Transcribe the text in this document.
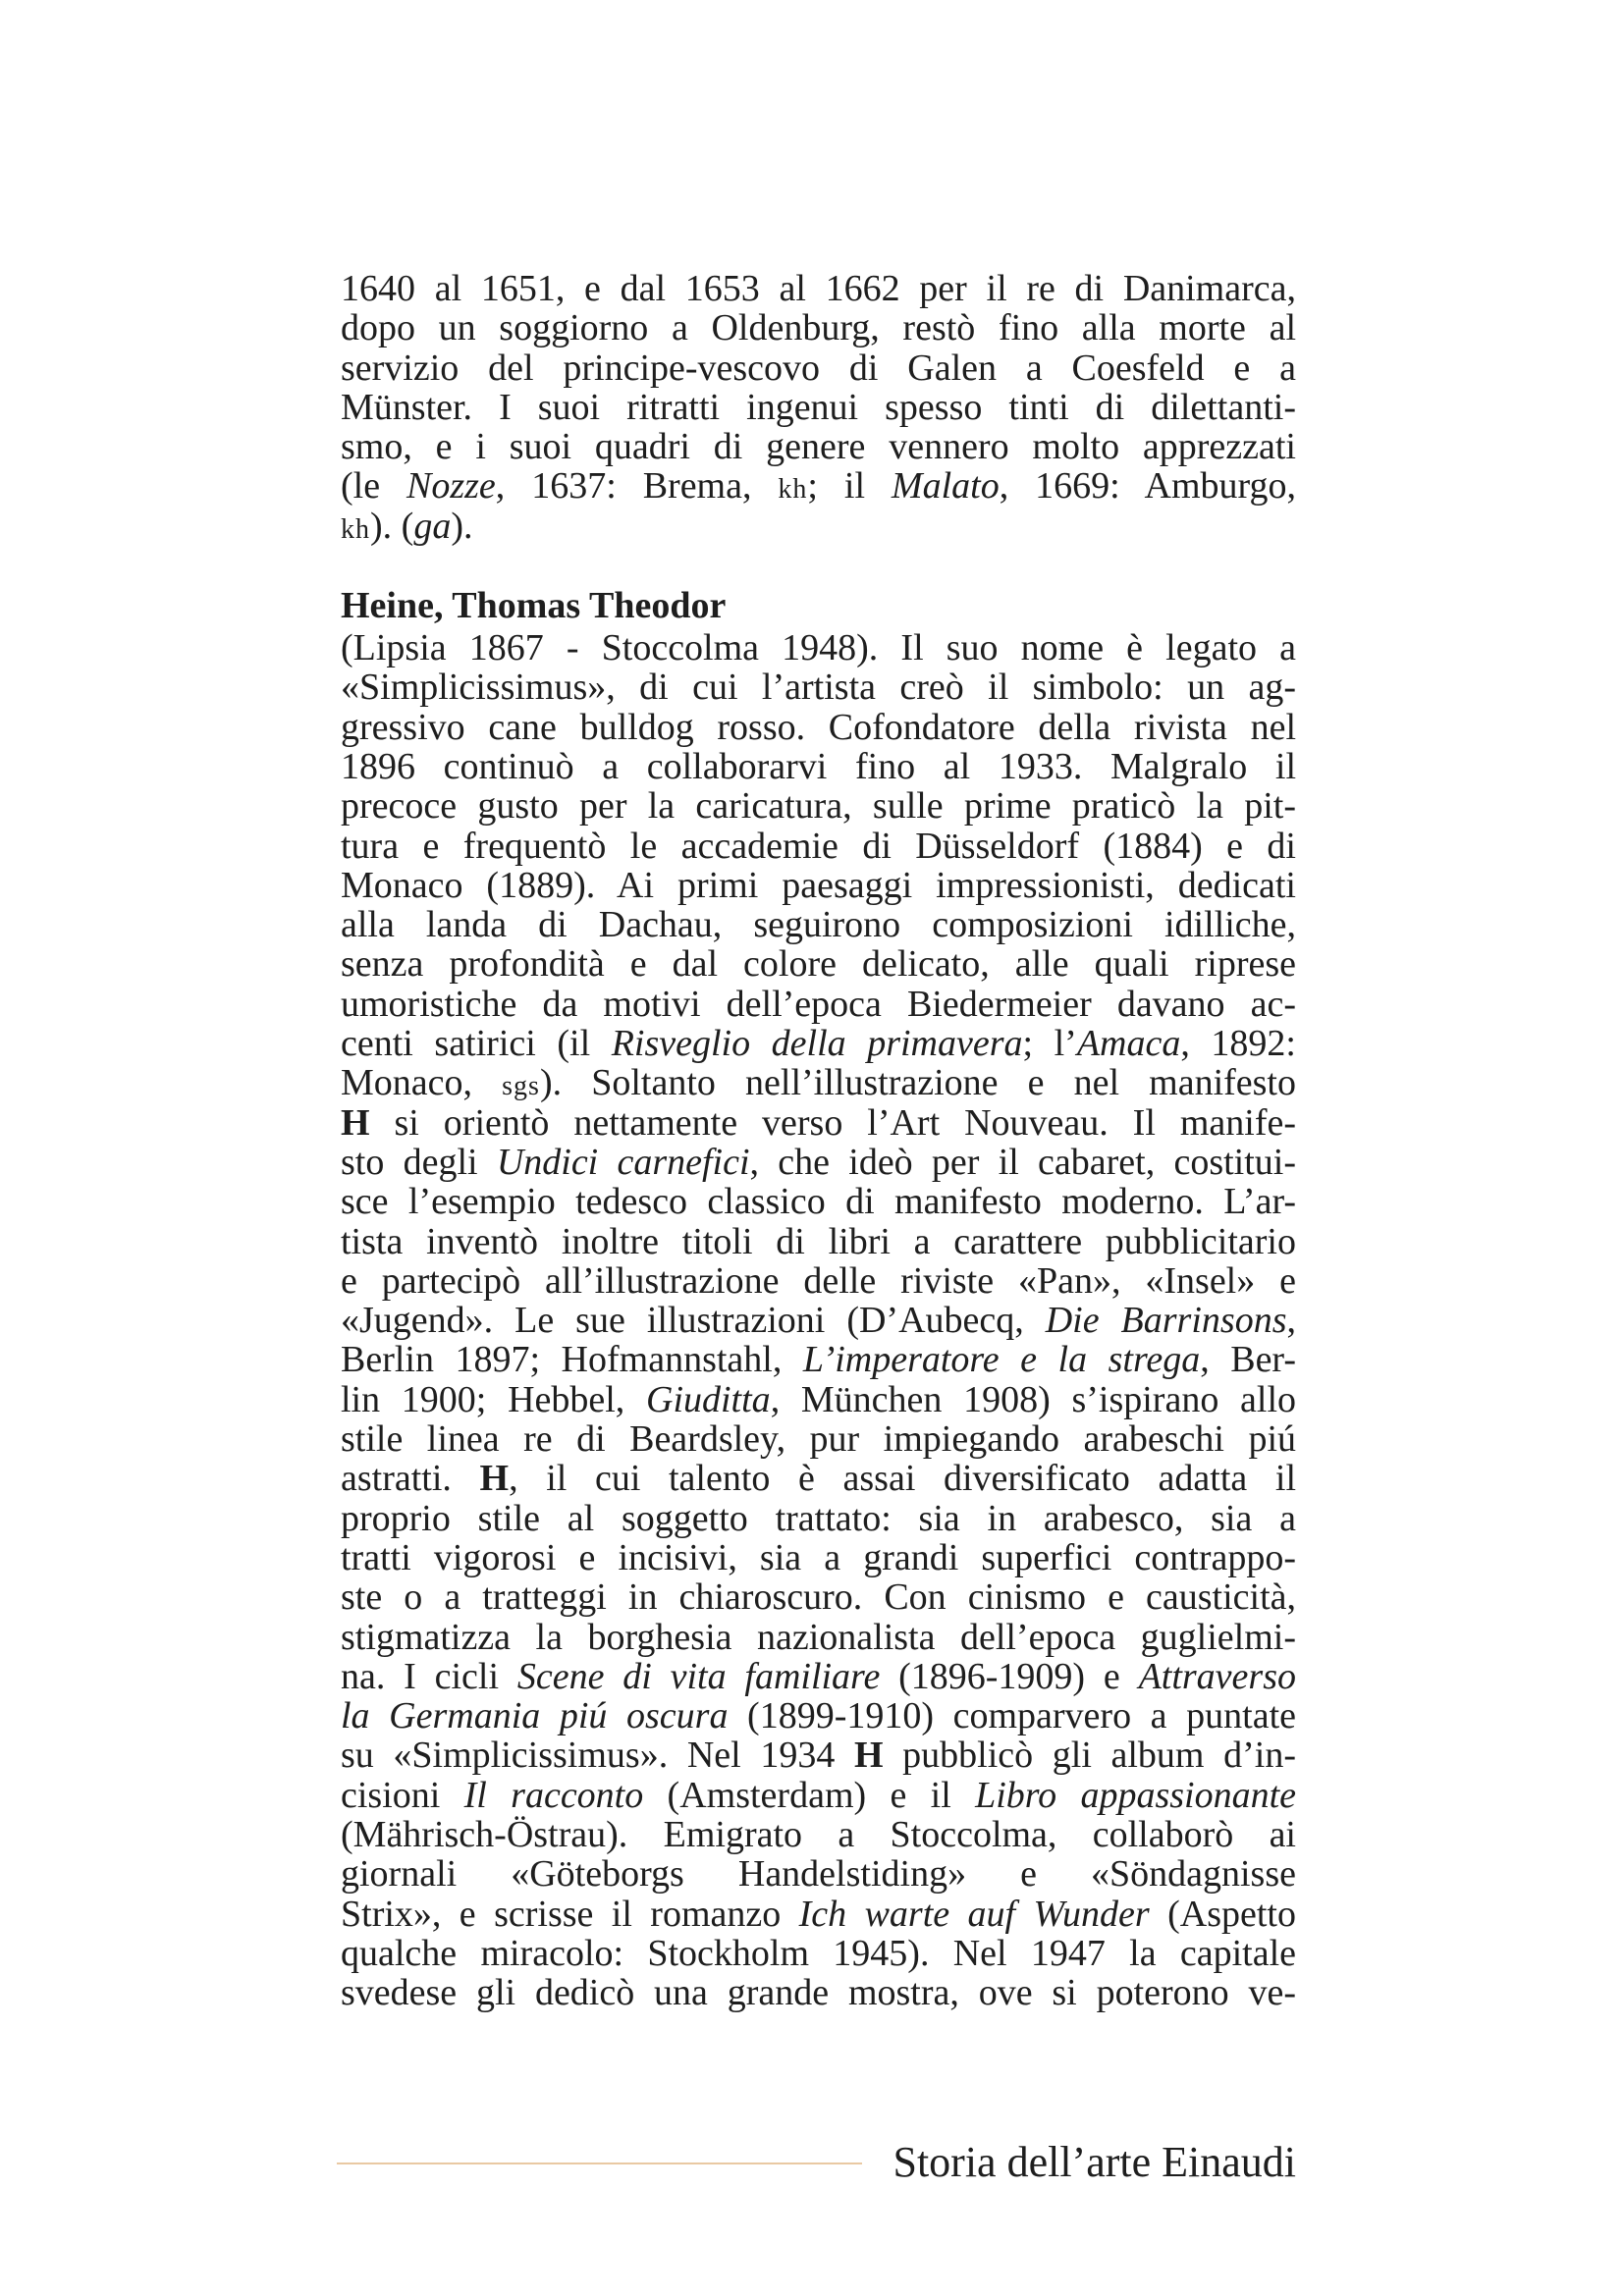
1640 al 1651, e dal 1653 al 1662 per il re di Danimarca,
dopo un soggiorno a Oldenburg, restò fino alla morte al
servizio del principe-vescovo di Galen a Coesfeld e a
Münster. I suoi ritratti ingenui spesso tinti di dilettanti-
smo, e i suoi quadri di genere vennero molto apprezzati
(le Nozze, 1637: Brema, kh; il Malato, 1669: Amburgo,
kh). (ga).
Heine, Thomas Theodor
(Lipsia 1867 - Stoccolma 1948). Il suo nome è legato a
«Simplicissimus», di cui l’artista creò il simbolo: un ag-
gressivo cane bulldog rosso. Cofondatore della rivista nel
1896 continuò a collaborarvi fino al 1933. Malgralo il
precoce gusto per la caricatura, sulle prime praticò la pit-
tura e frequentò le accademie di Düsseldorf (1884) e di
Monaco (1889). Ai primi paesaggi impressionisti, dedicati
alla landa di Dachau, seguirono composizioni idilliche,
senza profondità e dal colore delicato, alle quali riprese
umoristiche da motivi dell’epoca Biedermeier davano ac-
centi satirici (il Risveglio della primavera; l’Amaca, 1892:
Monaco, sgs). Soltanto nell’illustrazione e nel manifesto
H si orientò nettamente verso l’Art Nouveau. Il manife-
sto degli Undici carnefici, che ideò per il cabaret, costitui-
sce l’esempio tedesco classico di manifesto moderno. L’ar-
tista inventò inoltre titoli di libri a carattere pubblicitario
e partecipò all’illustrazione delle riviste «Pan», «Insel» e
«Jugend». Le sue illustrazioni (D’Aubecq, Die Barrinsons,
Berlin 1897; Hofmannstahl, L’imperatore e la strega, Ber-
lin 1900; Hebbel, Giuditta, München 1908) s’ispirano allo
stile linea re di Beardsley, pur impiegando arabeschi piú
astratti. H, il cui talento è assai diversificato adatta il
proprio stile al soggetto trattato: sia in arabesco, sia a
tratti vigorosi e incisivi, sia a grandi superfici contrappo-
ste o a tratteggi in chiaroscuro. Con cinismo e causticità,
stigmatizza la borghesia nazionalista dell’epoca guglielmi-
na. I cicli Scene di vita familiare (1896-1909) e Attraverso
la Germania piú oscura (1899-1910) comparvero a puntate
su «Simplicissimus». Nel 1934 H pubblicò gli album d’in-
cisioni Il racconto (Amsterdam) e il Libro appassionante
(Mährisch-Östrau). Emigrato a Stoccolma, collaborò ai
giornali «Göteborgs Handelstiding» e «Söndagnisse
Strix», e scrisse il romanzo Ich warte auf Wunder (Aspetto
qualche miracolo: Stockholm 1945). Nel 1947 la capitale
svedese gli dedicò una grande mostra, ove si poterono ve-
Storia dell’arte Einaudi
